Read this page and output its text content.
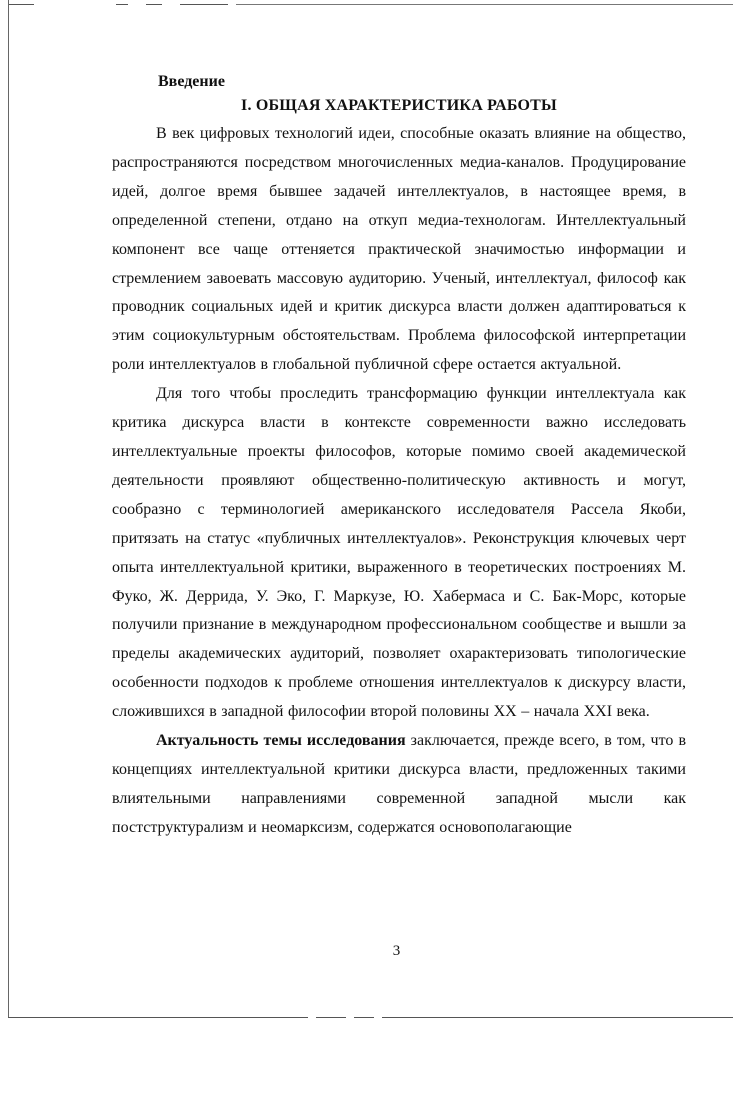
Введение
I. ОБЩАЯ ХАРАКТЕРИСТИКА РАБОТЫ

В век цифровых технологий идеи, способные оказать влияние на общество, распространяются посредством многочисленных медиа-каналов. Продуцирование идей, долгое время бывшее задачей интеллектуалов, в настоящее время, в определенной степени, отдано на откуп медиа-технологам. Интеллектуальный компонент все чаще оттеняется практической значимостью информации и стремлением завоевать массовую аудиторию. Ученый, интеллектуал, философ как проводник социальных идей и критик дискурса власти должен адаптироваться к этим социокультурным обстоятельствам. Проблема философской интерпретации роли интеллектуалов в глобальной публичной сфере остается актуальной.

Для того чтобы проследить трансформацию функции интеллектуала как критика дискурса власти в контексте современности важно исследовать интеллектуальные проекты философов, которые помимо своей академической деятельности проявляют общественно-политическую активность и могут, сообразно с терминологией американского исследователя Рассела Якоби, притязать на статус «публичных интеллектуалов». Реконструкция ключевых черт опыта интеллектуальной критики, выраженного в теоретических построениях М. Фуко, Ж. Деррида, У. Эко, Г. Маркузе, Ю. Хабермаса и С. Бак-Морс, которые получили признание в международном профессиональном сообществе и вышли за пределы академических аудиторий, позволяет охарактеризовать типологические особенности подходов к проблеме отношения интеллектуалов к дискурсу власти, сложившихся в западной философии второй половины XX – начала XXI века.

Актуальность темы исследования заключается, прежде всего, в том, что в концепциях интеллектуальной критики дискурса власти, предложенных такими влиятельными направлениями современной западной мысли как постструктурализм и неомарксизм, содержатся основополагающие

3
